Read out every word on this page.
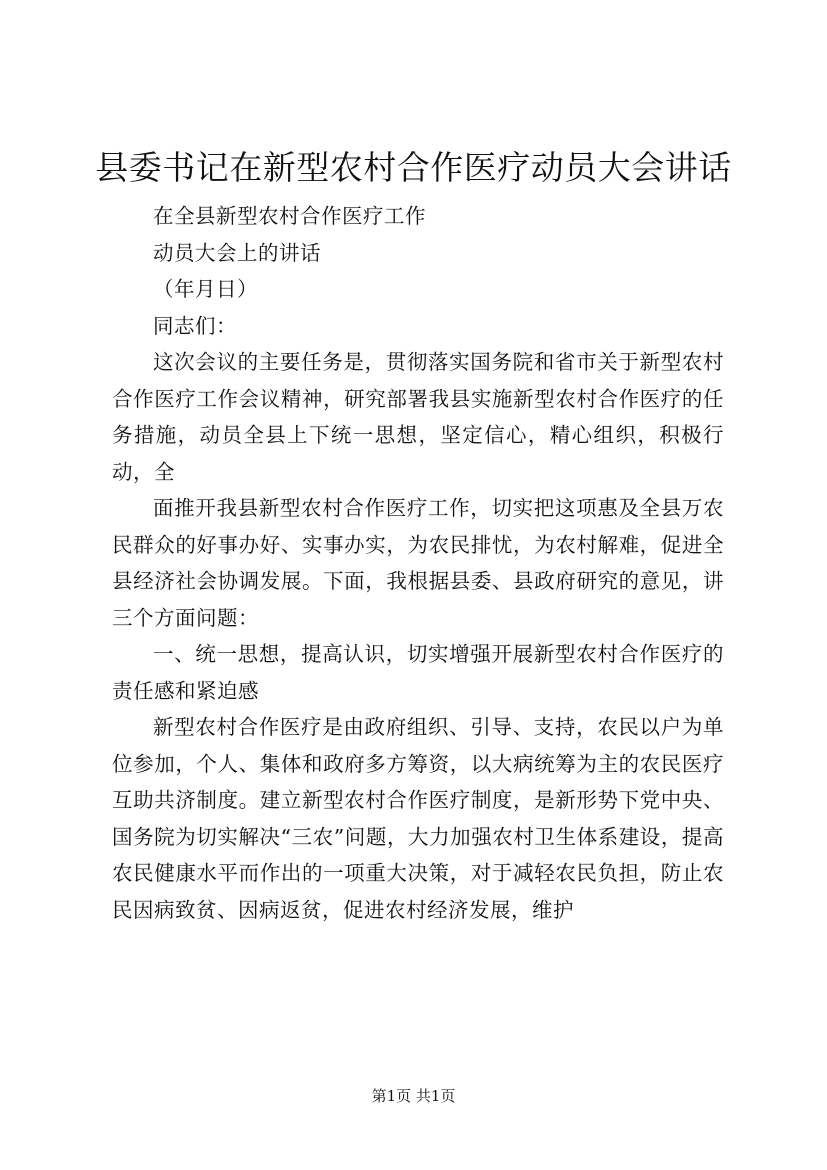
县委书记在新型农村合作医疗动员大会讲话

在全县新型农村合作医疗工作

动员大会上的讲话

（年月日）

同志们：

这次会议的主要任务是，贯彻落实国务院和省市关于新型农村合作医疗工作会议精神，研究部署我县实施新型农村合作医疗的任务措施，动员全县上下统一思想，坚定信心，精心组织，积极行动，全

面推开我县新型农村合作医疗工作，切实把这项惠及全县万农民群众的好事办好、实事办实，为农民排忧，为农村解难，促进全县经济社会协调发展。下面，我根据县委、县政府研究的意见，讲三个方面问题：

一、统一思想，提高认识，切实增强开展新型农村合作医疗的责任感和紧迫感

新型农村合作医疗是由政府组织、引导、支持，农民以户为单位参加，个人、集体和政府多方筹资，以大病统筹为主的农民医疗互助共济制度。建立新型农村合作医疗制度，是新形势下党中央、国务院为切实解决“三农”问题，大力加强农村卫生体系建设，提高农民健康水平而作出的一项重大决策，对于减轻农民负担，防止农民因病致贫、因病返贫，促进农村经济发展，维护

第1页 共1页
